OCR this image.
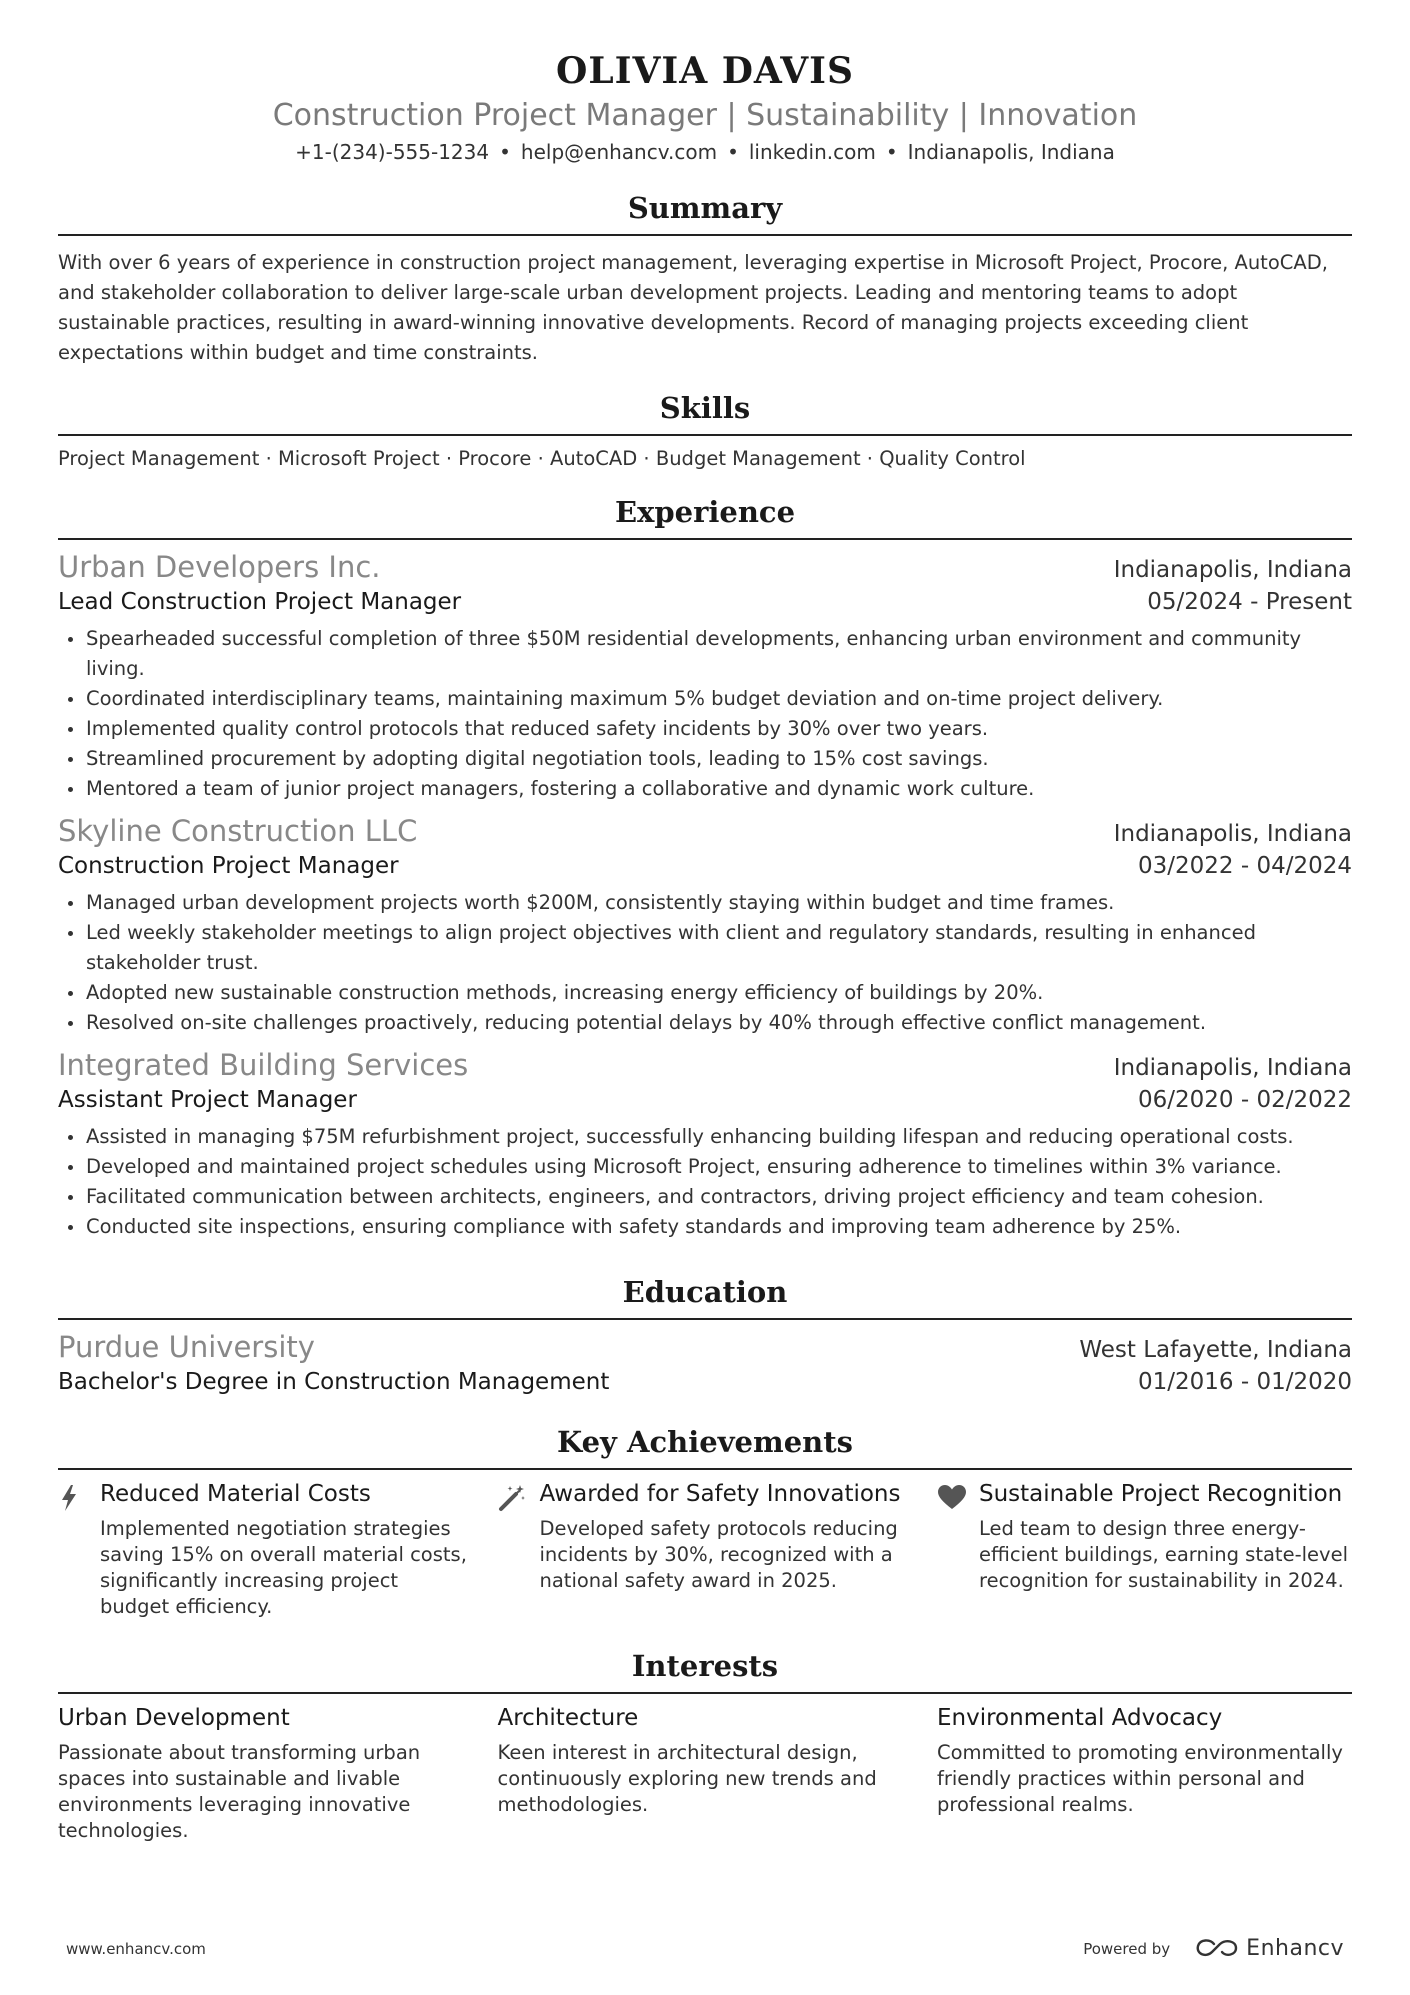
OLIVIA DAVIS
Construction Project Manager | Sustainability | Innovation
+1-(234)-555-1234 • help@enhancv.com • linkedin.com • Indianapolis, Indiana
Summary
With over 6 years of experience in construction project management, leveraging expertise in Microsoft Project, Procore, AutoCAD, and stakeholder collaboration to deliver large-scale urban development projects. Leading and mentoring teams to adopt sustainable practices, resulting in award-winning innovative developments. Record of managing projects exceeding client expectations within budget and time constraints.
Skills
Project Management · Microsoft Project · Procore · AutoCAD · Budget Management · Quality Control
Experience
Urban Developers Inc.	Indianapolis, Indiana
Lead Construction Project Manager	05/2024 - Present
Spearheaded successful completion of three $50M residential developments, enhancing urban environment and community living.
Coordinated interdisciplinary teams, maintaining maximum 5% budget deviation and on-time project delivery.
Implemented quality control protocols that reduced safety incidents by 30% over two years.
Streamlined procurement by adopting digital negotiation tools, leading to 15% cost savings.
Mentored a team of junior project managers, fostering a collaborative and dynamic work culture.
Skyline Construction LLC	Indianapolis, Indiana
Construction Project Manager	03/2022 - 04/2024
Managed urban development projects worth $200M, consistently staying within budget and time frames.
Led weekly stakeholder meetings to align project objectives with client and regulatory standards, resulting in enhanced stakeholder trust.
Adopted new sustainable construction methods, increasing energy efficiency of buildings by 20%.
Resolved on-site challenges proactively, reducing potential delays by 40% through effective conflict management.
Integrated Building Services	Indianapolis, Indiana
Assistant Project Manager	06/2020 - 02/2022
Assisted in managing $75M refurbishment project, successfully enhancing building lifespan and reducing operational costs.
Developed and maintained project schedules using Microsoft Project, ensuring adherence to timelines within 3% variance.
Facilitated communication between architects, engineers, and contractors, driving project efficiency and team cohesion.
Conducted site inspections, ensuring compliance with safety standards and improving team adherence by 25%.
Education
Purdue University	West Lafayette, Indiana
Bachelor's Degree in Construction Management	01/2016 - 01/2020
Key Achievements
Reduced Material Costs
Implemented negotiation strategies saving 15% on overall material costs, significantly increasing project budget efficiency.
Awarded for Safety Innovations
Developed safety protocols reducing incidents by 30%, recognized with a national safety award in 2025.
Sustainable Project Recognition
Led team to design three energy-efficient buildings, earning state-level recognition for sustainability in 2024.
Interests
Urban Development
Passionate about transforming urban spaces into sustainable and livable environments leveraging innovative technologies.
Architecture
Keen interest in architectural design, continuously exploring new trends and methodologies.
Environmental Advocacy
Committed to promoting environmentally friendly practices within personal and professional realms.
www.enhancv.com	Powered by	Enhancv
